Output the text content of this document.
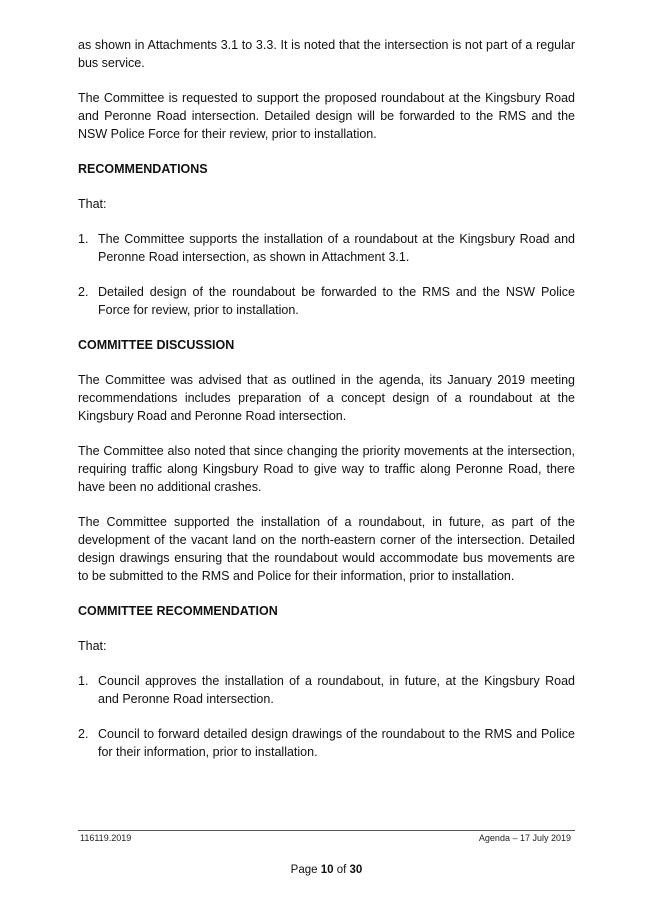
as shown in Attachments 3.1 to 3.3. It is noted that the intersection is not part of a regular bus service.

The Committee is requested to support the proposed roundabout at the Kingsbury Road and Peronne Road intersection. Detailed design will be forwarded to the RMS and the NSW Police Force for their review, prior to installation.

RECOMMENDATIONS

That:

1. The Committee supports the installation of a roundabout at the Kingsbury Road and Peronne Road intersection, as shown in Attachment 3.1.
2. Detailed design of the roundabout be forwarded to the RMS and the NSW Police Force for review, prior to installation.
COMMITTEE DISCUSSION

The Committee was advised that as outlined in the agenda, its January 2019 meeting recommendations includes preparation of a concept design of a roundabout at the Kingsbury Road and Peronne Road intersection.

The Committee also noted that since changing the priority movements at the intersection, requiring traffic along Kingsbury Road to give way to traffic along Peronne Road, there have been no additional crashes.

The Committee supported the installation of a roundabout, in future, as part of the development of the vacant land on the north-eastern corner of the intersection. Detailed design drawings ensuring that the roundabout would accommodate bus movements are to be submitted to the RMS and Police for their information, prior to installation.

COMMITTEE RECOMMENDATION

That:

1. Council approves the installation of a roundabout, in future, at the Kingsbury Road and Peronne Road intersection.
2. Council to forward detailed design drawings of the roundabout to the RMS and Police for their information, prior to installation.
116119.2019	Agenda – 17 July 2019
Page 10 of 30
